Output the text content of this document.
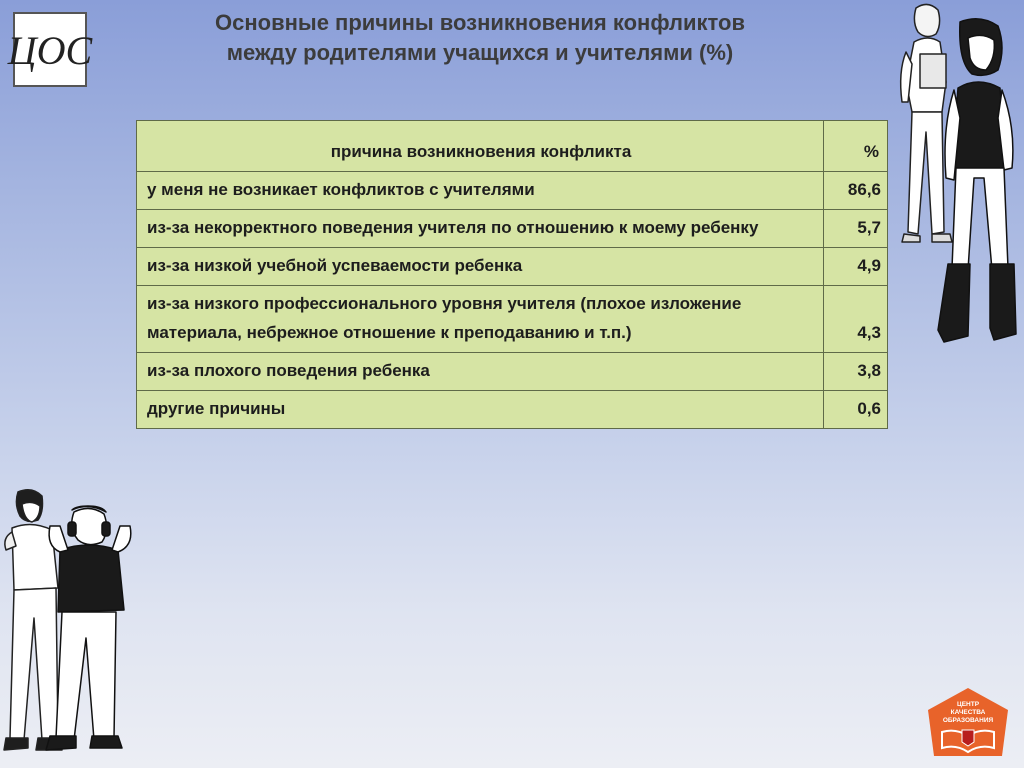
ЦОС
Основные причины возникновения конфликтов
между родителями учащихся и учителями (%)
причина возникновения конфликта	%
у меня не возникает конфликтов с учителями	86,6
из-за некорректного поведения учителя по отношению к моему ребенку	5,7
из-за низкой учебной успеваемости ребенка	4,9
из-за низкого профессионального уровня учителя (плохое изложение материала, небрежное отношение к преподаванию и т.п.)	4,3
из-за плохого поведения ребенка	3,8
другие причины	0,6
ЦЕНТР
КАЧЕСТВА
ОБРАЗОВАНИЯ
